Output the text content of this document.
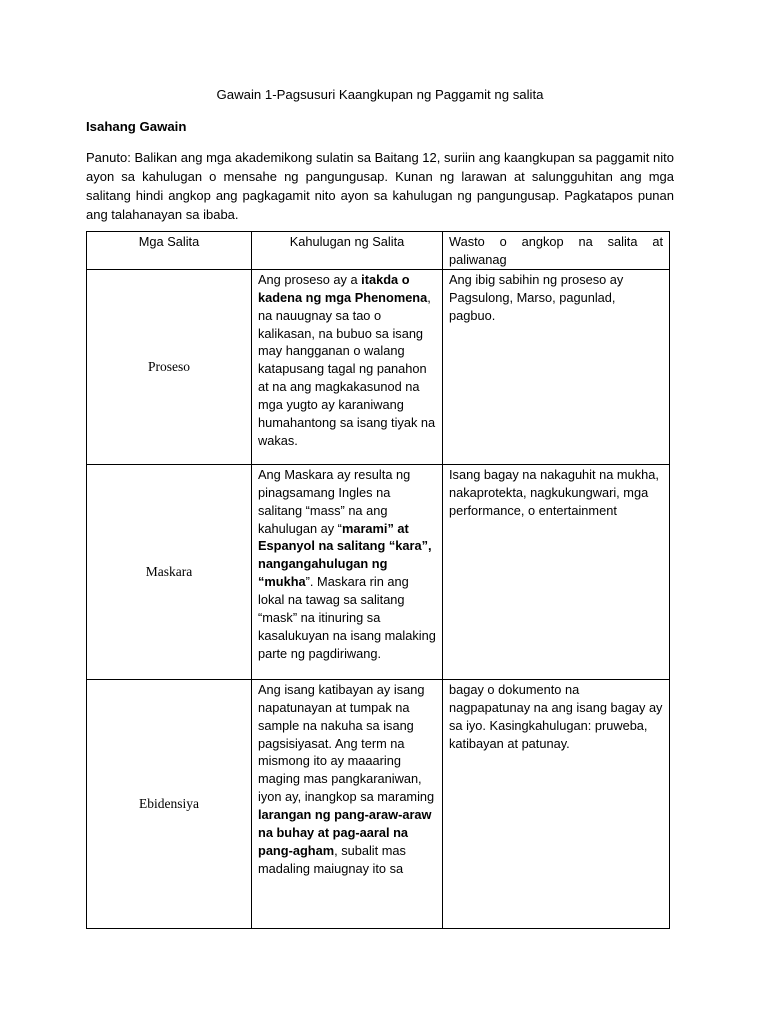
Gawain 1-Pagsusuri Kaangkupan ng Paggamit ng salita

Isahang Gawain
Panuto: Balikan ang mga akademikong sulatin sa Baitang 12, suriin ang kaangkupan sa paggamit nito ayon sa kahulugan o mensahe ng pangungusap. Kunan ng larawan at salungguhitan ang mga salitang hindi angkop ang pagkagamit nito ayon sa kahulugan ng pangungusap. Pagkatapos punan ang talahanayan sa ibaba.
Mga Salita	Kahulugan ng Salita	Wasto o angkop na salita at paliwanag
Proseso	Ang proseso ay a itakda o kadena ng mga Phenomena, na nauugnay sa tao o kalikasan, na bubuo sa isang may hangganan o walang katapusang tagal ng panahon at na ang magkakasunod na mga yugto ay karaniwang humahantong sa isang tiyak na wakas.	Ang ibig sabihin ng proseso ay Pagsulong, Marso, pagunlad, pagbuo.
Maskara	Ang Maskara ay resulta ng pinagsamang Ingles na salitang “mass” na ang kahulugan ay “marami” at Espanyol na salitang “kara”, nangangahulugan ng “mukha”. Maskara rin ang lokal na tawag sa salitang “mask” na itinuring sa kasalukuyan na isang malaking parte ng pagdiriwang.	Isang bagay na nakaguhit na mukha, nakaprotekta, nagkukungwari, mga performance, o entertainment
Ebidensiya	Ang isang katibayan ay isang napatunayan at tumpak na sample na nakuha sa isang pagsisiyasat. Ang term na mismong ito ay maaaring maging mas pangkaraniwan, iyon ay, inangkop sa maraming larangan ng pang-araw-araw na buhay at pag-aaral na pang-agham, subalit mas madaling maiugnay ito sa	bagay o dokumento na nagpapatunay na ang isang bagay ay sa iyo. Kasingkahulugan: pruweba, katibayan at patunay.
